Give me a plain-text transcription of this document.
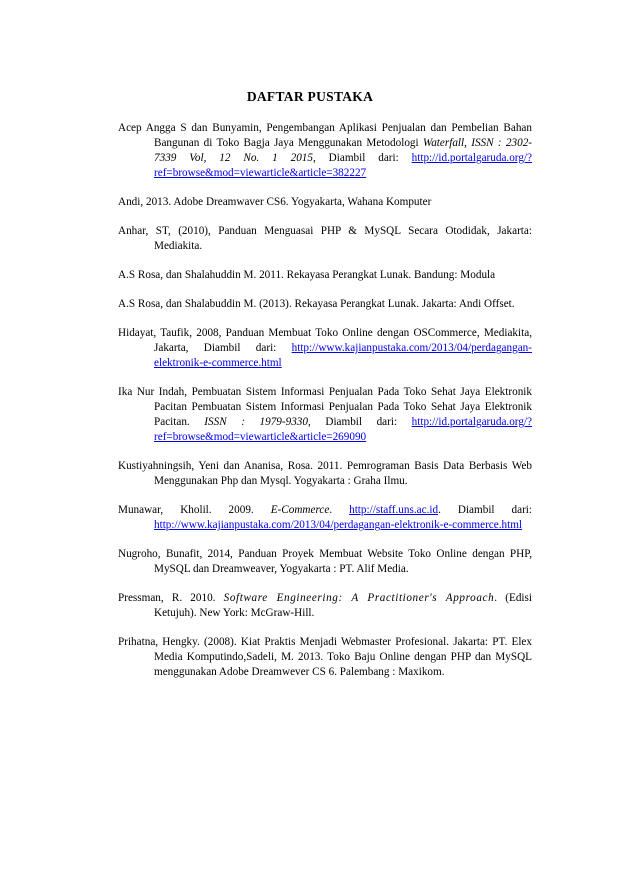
DAFTAR PUSTAKA

Acep Angga S dan Bunyamin, Pengembangan Aplikasi Penjualan dan Pembelian Bahan Bangunan di Toko Bagja Jaya Menggunakan Metodologi Waterfall, ISSN : 2302-7339 Vol, 12 No. 1 2015, Diambil dari: http://id.portalgaruda.org/?ref=browse&mod=viewarticle&article=382227

Andi, 2013. Adobe Dreamwaver CS6. Yogyakarta, Wahana Komputer

Anhar, ST, (2010), Panduan Menguasai PHP & MySQL Secara Otodidak, Jakarta: Mediakita.

A.S Rosa, dan Shalahuddin M. 2011. Rekayasa Perangkat Lunak. Bandung: Modula

A.S Rosa, dan Shalabuddin M. (2013). Rekayasa Perangkat Lunak. Jakarta: Andi Offset.

Hidayat, Taufik, 2008, Panduan Membuat Toko Online dengan OSCommerce, Mediakita, Jakarta, Diambil dari: http://www.kajianpustaka.com/2013/04/perdagangan-elektronik-e-commerce.html

Ika Nur Indah, Pembuatan Sistem Informasi Penjualan Pada Toko Sehat Jaya Elektronik Pacitan Pembuatan Sistem Informasi Penjualan Pada Toko Sehat Jaya Elektronik Pacitan. ISSN : 1979-9330, Diambil dari: http://id.portalgaruda.org/?ref=browse&mod=viewarticle&article=269090

Kustiyahningsih, Yeni dan Ananisa, Rosa. 2011. Pemrograman Basis Data Berbasis Web Menggunakan Php dan Mysql. Yogyakarta : Graha Ilmu.

Munawar, Kholil. 2009. E-Commerce. http://staff.uns.ac.id. Diambil dari: http://www.kajianpustaka.com/2013/04/perdagangan-elektronik-e-commerce.html

Nugroho, Bunafit, 2014, Panduan Proyek Membuat Website Toko Online dengan PHP, MySQL dan Dreamweaver, Yogyakarta : PT. Alif Media.

Pressman, R. 2010. Software Engineering: A Practitioner's Approach. (Edisi Ketujuh). New York: McGraw-Hill.

Prihatna, Hengky. (2008). Kiat Praktis Menjadi Webmaster Profesional. Jakarta: PT. Elex Media Komputindo,Sadeli, M. 2013. Toko Baju Online dengan PHP dan MySQL menggunakan Adobe Dreamwever CS 6. Palembang : Maxikom.
